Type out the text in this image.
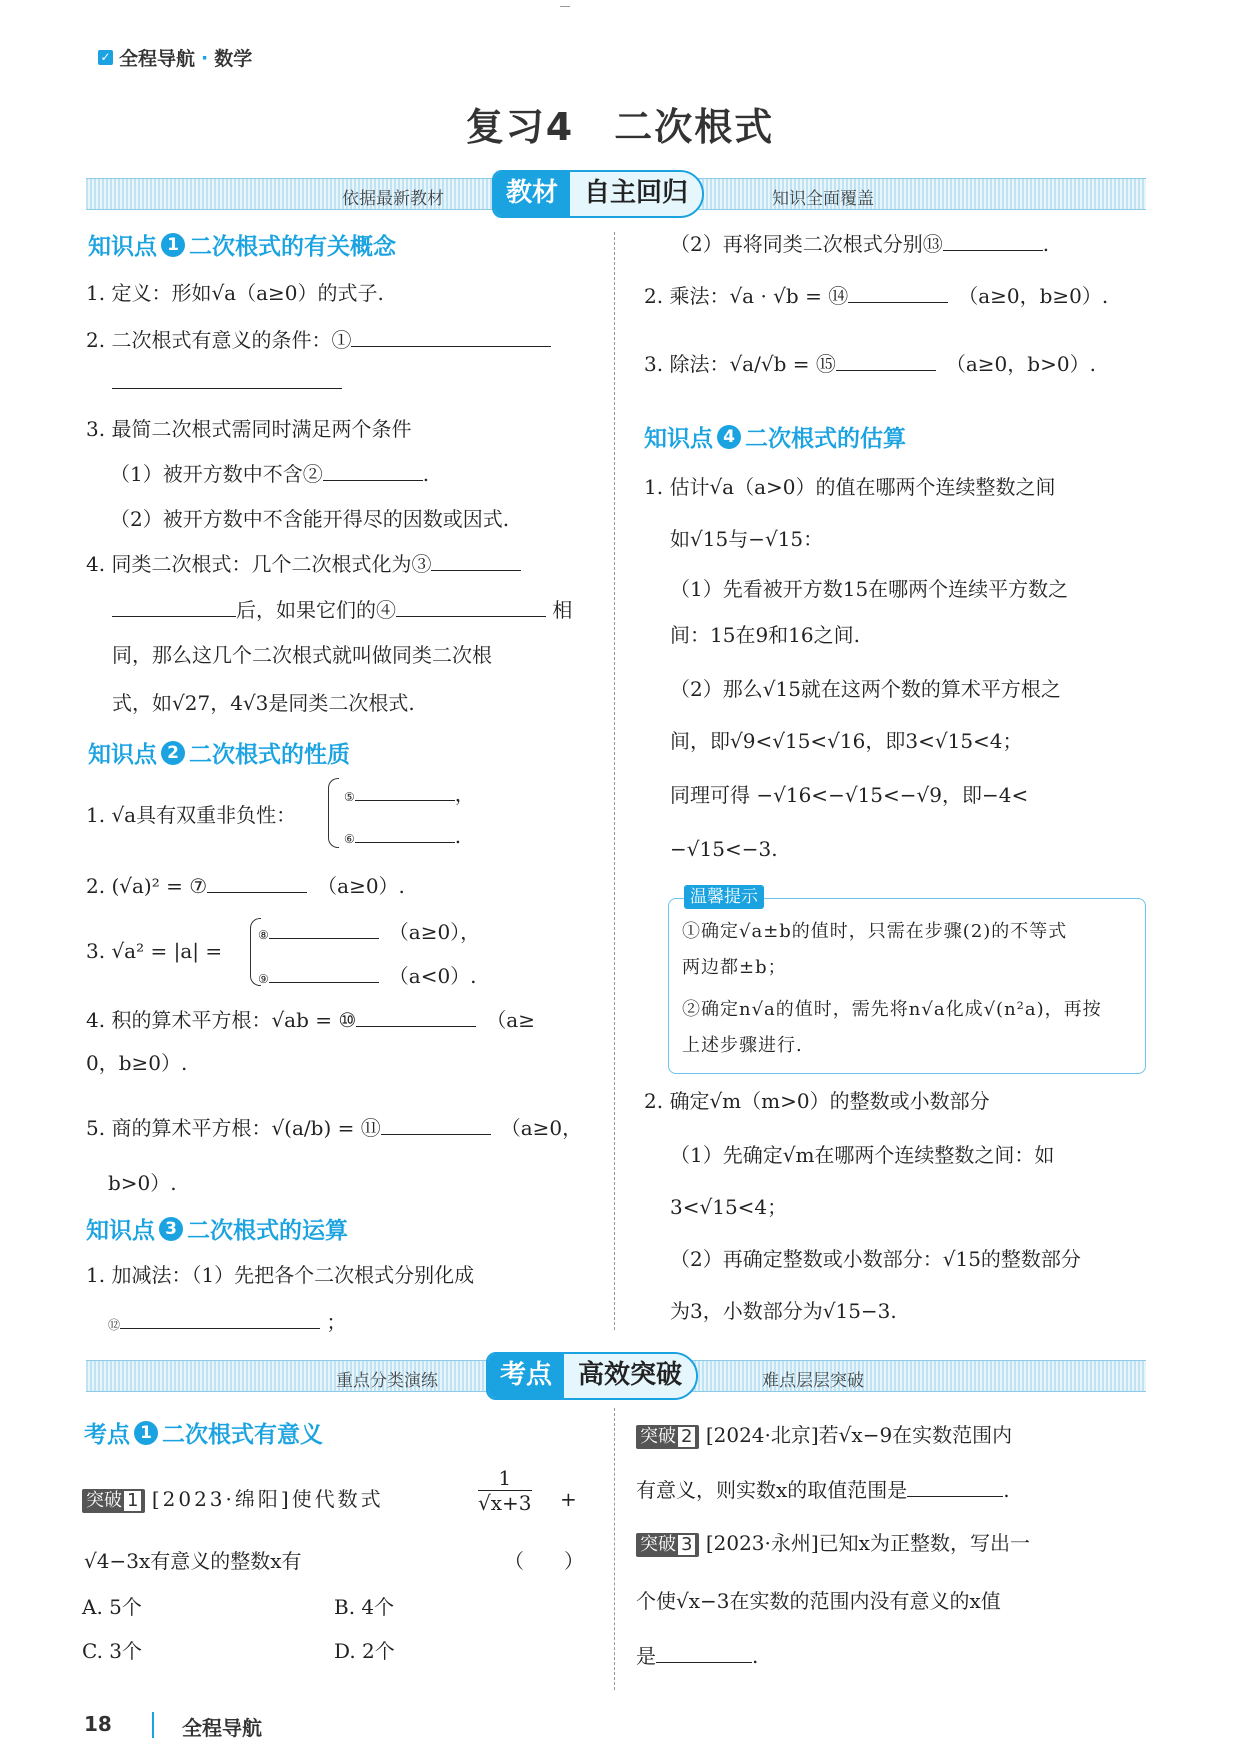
✓ 全程导航 · 数学
复习4　二次根式
依据最新教材	教材	自主回归	知识全面覆盖
知识点 1 二次根式的有关概念
1. 定义：形如√a（a≥0）的式子.
2. 二次根式有意义的条件：①
3. 最简二次根式需同时满足两个条件
（1）被开方数中不含②	.
（2）被开方数中不含能开得尽的因数或因式.
4. 同类二次根式：几个二次根式化为③
后，如果它们的④	相
同，那么这几个二次根式就叫做同类二次根
式，如√27，4√3是同类二次根式.
知识点 2 二次根式的性质
1. √a具有双重非负性：
⑤	，
⑥	.
2. (√a)² = ⑦　	（a≥0）.
3. √a² = |a| =
⑧　	（a≥0），
⑨　	（a<0）.
4. 积的算术平方根：√ab = ⑩　	（a≥
0，b≥0）.
5. 商的算术平方根：√(a/b) = ⑪　	（a≥0，
b>0）.
知识点 3 二次根式的运算
1. 加减法：（1）先把各个二次根式分别化成
⑫	；
（2）再将同类二次根式分别⑬	.
2. 乘法：√a · √b = ⑭　	（a≥0，b≥0）.
3. 除法：√a/√b = ⑮　	（a≥0，b>0）.
知识点 4 二次根式的估算
1. 估计√a（a>0）的值在哪两个连续整数之间
如√15与−√15：
（1）先看被开方数15在哪两个连续平方数之
间：15在9和16之间.
（2）那么√15就在这两个数的算术平方根之
间，即√9<√15<√16，即3<√15<4；
同理可得 −√16<−√15<−√9，即−4<
−√15<−3.
温馨提示
①确定√a±b的值时，只需在步骤(2)的不等式
两边都±b；
②确定n√a的值时，需先将n√a化成√(n²a)，再按
上述步骤进行.
2. 确定√m（m>0）的整数或小数部分
（1）先确定√m在哪两个连续整数之间：如
3<√15<4；
（2）再确定整数或小数部分：√15的整数部分
为3，小数部分为√15−3.
重点分类演练	考点	高效突破	难点层层突破
考点 1 二次根式有意义
突破 1 [2023·绵阳]使代数式
1
√x+3 +
√4−3x有意义的整数x有	（　　）
A. 5个	B. 4个
C. 3个	D. 2个
突破 2 [2024·北京]若√x−9在实数范围内
有意义，则实数x的取值范围是	.
突破 3 [2023·永州]已知x为正整数，写出一
个使√x−3在实数的范围内没有意义的x值
是	.
18	全程导航
